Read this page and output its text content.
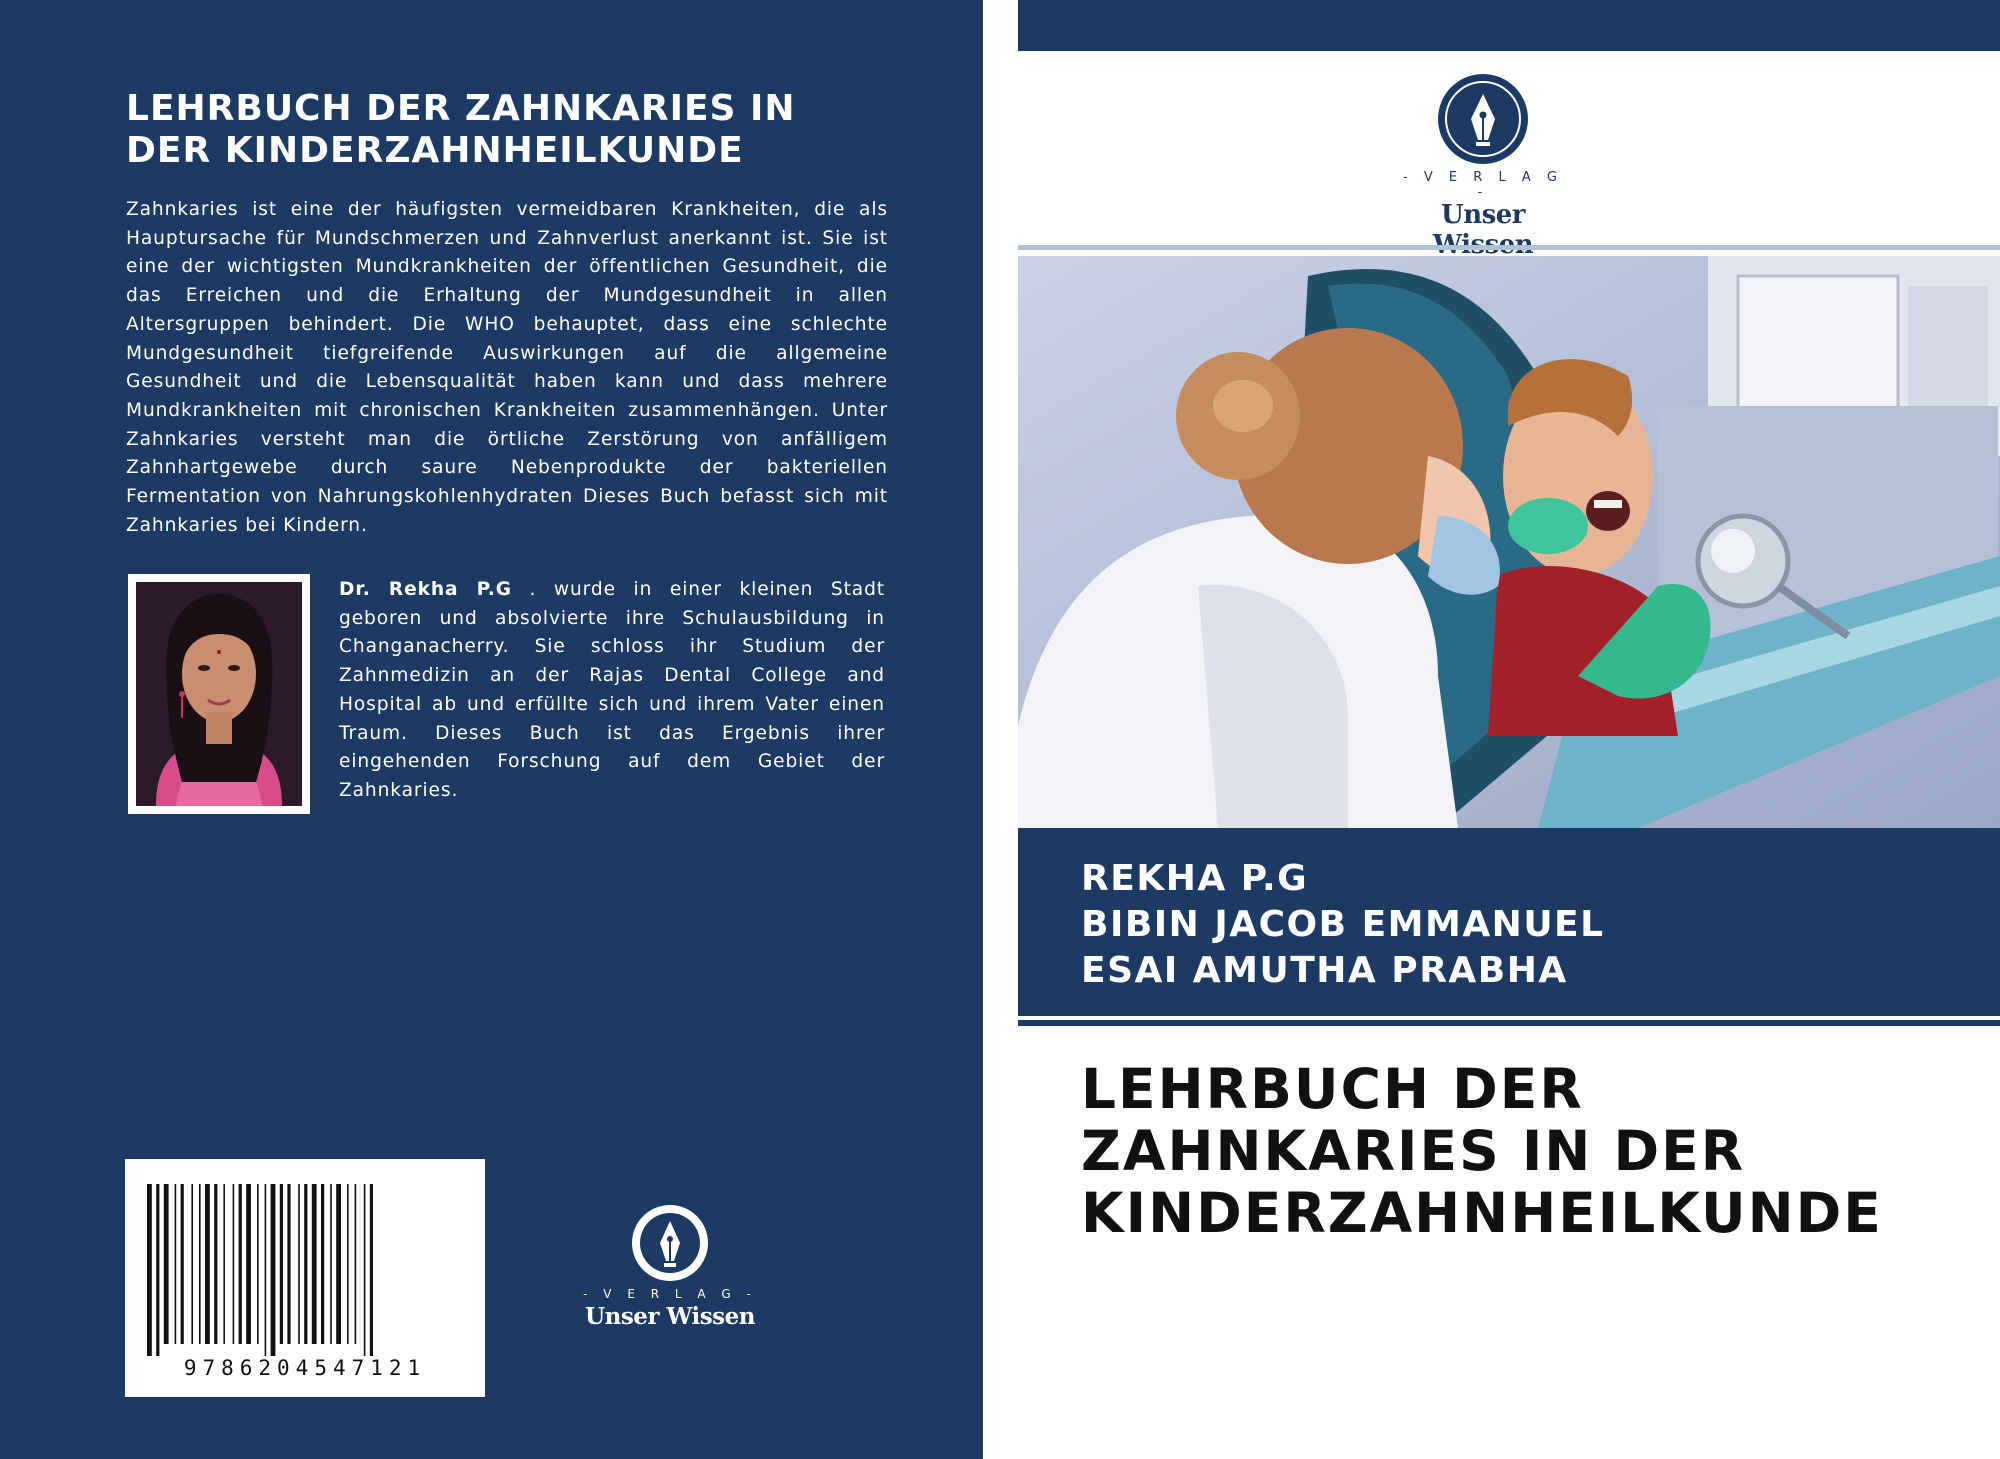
LEHRBUCH DER ZAHNKARIES IN DER KINDERZAHNHEILKUNDE

Zahnkaries ist eine der häufigsten vermeidbaren Krankheiten, die als Hauptursache für Mundschmerzen und Zahnverlust anerkannt ist. Sie ist eine der wichtigsten Mundkrankheiten der öffentlichen Gesundheit, die das Erreichen und die Erhaltung der Mundgesundheit in allen Altersgruppen behindert. Die WHO behauptet, dass eine schlechte Mundgesundheit tiefgreifende Auswirkungen auf die allgemeine Gesundheit und die Lebensqualität haben kann und dass mehrere Mundkrankheiten mit chronischen Krankheiten zusammenhängen. Unter Zahnkaries versteht man die örtliche Zerstörung von anfälligem Zahnhartgewebe durch saure Nebenprodukte der bakteriellen Fermentation von Nahrungskohlenhydraten Dieses Buch befasst sich mit Zahnkaries bei Kindern.

Dr. Rekha P.G . wurde in einer kleinen Stadt geboren und absolvierte ihre Schulausbildung in Changanacherry. Sie schloss ihr Studium der Zahnmedizin an der Rajas Dental College and Hospital ab und erfüllte sich und ihrem Vater einen Traum. Dieses Buch ist das Ergebnis ihrer eingehenden Forschung auf dem Gebiet der Zahnkaries.

9786204547121
- V E R L A G -
Unser Wissen
- V E R L A G -
Unser

REKHA P.G

BIBIN JACOB EMMANUEL

ESAI AMUTHA PRABHA

LEHRBUCH DER ZAHNKARIES IN DER KINDERZAHNHEILKUNDE
